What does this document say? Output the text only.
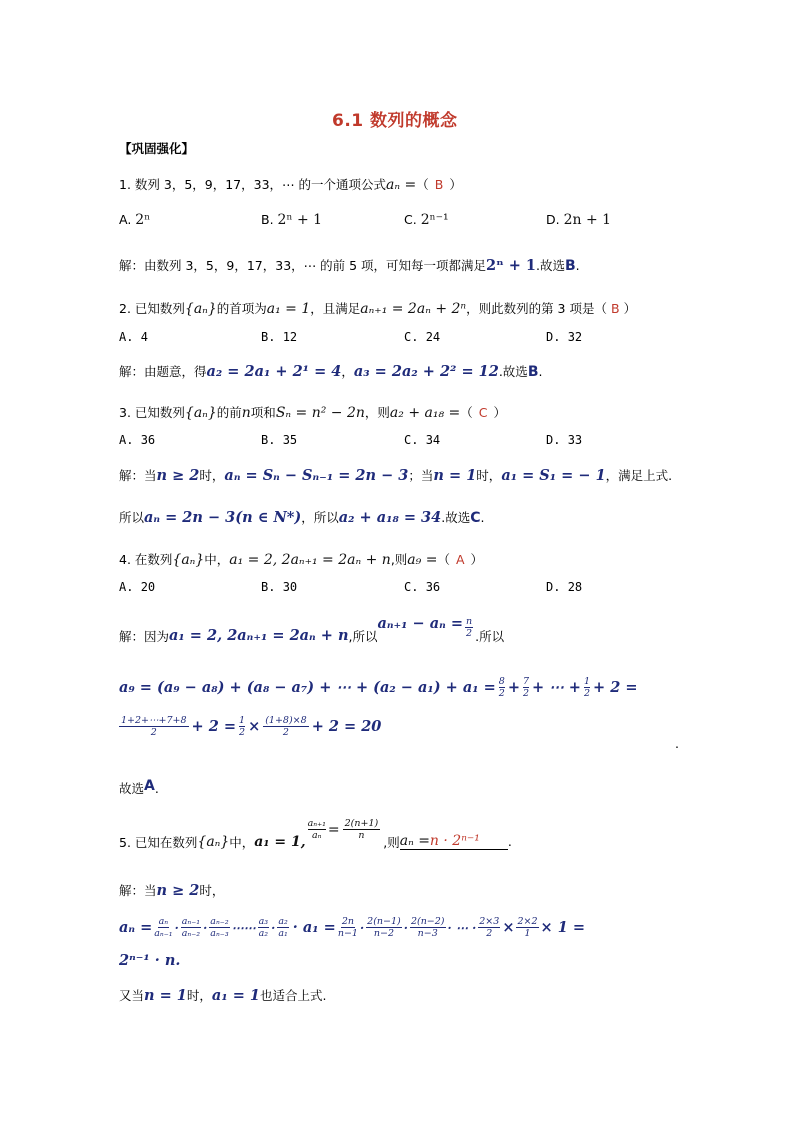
6.1 数列的概念
【巩固强化】
1. 数列 3，5，9，17，33，⋯ 的一个通项公式aₙ =（ B ）
A. 2ⁿ	B. 2ⁿ + 1	C. 2ⁿ⁻¹	D. 2n + 1
解：由数列 3，5，9，17，33，⋯ 的前 5 项，可知每一项都满足2ⁿ + 1.故选B.
2. 已知数列{aₙ}的首项为a₁ = 1，且满足aₙ₊₁ = 2aₙ + 2ⁿ，则此数列的第 3 项是（ B ）
A. 4	B. 12	C. 24	D. 32
解：由题意，得a₂ = 2a₁ + 2¹ = 4，a₃ = 2a₂ + 2² = 12.故选B.
3. 已知数列{aₙ}的前n项和Sₙ = n² − 2n，则a₂ + a₁₈ =（ C ）
A. 36	B. 35	C. 34	D. 33
解：当n ≥ 2时，aₙ = Sₙ − Sₙ₋₁ = 2n − 3；当n = 1时，a₁ = S₁ = − 1，满足上式.
所以aₙ = 2n − 3(n ∈ N*)，所以a₂ + a₁₈ = 34.故选C.
4. 在数列{aₙ}中，a₁ = 2, 2aₙ₊₁ = 2aₙ + n,则a₉ =（ A ）
A. 20	B. 30	C. 36	D. 28
解：因为 a₁ = 2, 2aₙ₊₁ = 2aₙ + n ,所以
$a_{n+1} - a_n = \frac{n}{2}$ .所以
a₉ = (a₉ − a₈) + (a₈ − a₇) + ⋯ + $(a_2 - a_1) + a_1 = \frac{8}{2} + \frac{7}{2}$ + ⋯ + $\frac{1}{2} + 2$ =
$\frac{1+2+\cdots+7+8}{2} + 2 = \frac{1}{2} \times \frac{(1+8)\times 8}{2} + 2 = 20$
.
故选A.
5. 已知在数列 {aₙ} 中， a₁ = 1,
$\frac{\text{aₙ₊₁}}{\text{aₙ}} = \frac{2(n+1)}{n}$
,则 aₙ = n · 2ⁿ⁻¹	.
解：当n ≥ 2时，
$a_n = \frac{\text{aₙ}}{\text{aₙ₋₁}} \cdot \frac{\text{aₙ₋₁}}{\text{aₙ₋₂}} \cdot \frac{\text{aₙ₋₂}}{\text{aₙ₋₃}}$ ⋯⋯ $\frac{\text{a₃}}{\text{a₂}} \cdot \frac{\text{a₂}}{\text{a₁}} \cdot a_1 = \frac{2n}{n-1} \cdot \frac{2(n-1)}{n-2} \cdot \frac{2(n-2)}{n-3}$ · ⋯ · $\frac{2\times 3}{2} \times \frac{2\times 2}{1} \times 1$ =
2ⁿ⁻¹ · n.
又当n = 1时，a₁ = 1也适合上式.
